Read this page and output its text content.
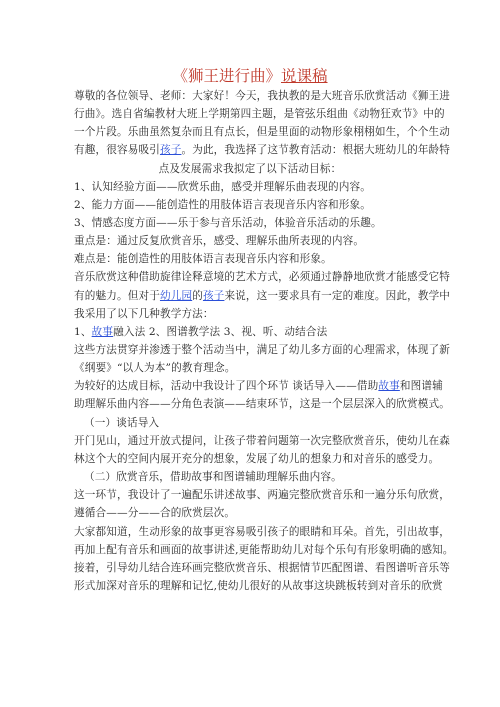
《狮王进行曲》说课稿
尊敬的各位领导、老师：大家好！今天，我执教的是大班音乐欣赏活动《狮王进
行曲》。选自省编教材大班上学期第四主题，是管弦乐组曲《动物狂欢节》中的
一个片段。乐曲虽然复杂而且有点长，但是里面的动物形象栩栩如生，个个生动
有趣，很容易吸引孩子。为此，我选择了这节教育活动：根据大班幼儿的年龄特
点及发展需求我拟定了以下活动目标：
1、认知经验方面——欣赏乐曲，感受并理解乐曲表现的内容。
2、能力方面——能创造性的用肢体语言表现音乐内容和形象。
3、情感态度方面——乐于参与音乐活动，体验音乐活动的乐趣。
重点是：通过反复欣赏音乐，感受、理解乐曲所表现的内容。
难点是：能创造性的用肢体语言表现音乐内容和形象。
音乐欣赏这种借助旋律诠释意境的艺术方式，必须通过静静地欣赏才能感受它特
有的魅力。但对于幼儿园的孩子来说，这一要求具有一定的难度。因此，教学中
我采用了以下几种教学方法：
1、故事融入法 2、图谱教学法 3、视、听、动结合法
这些方法贯穿并渗透于整个活动当中，满足了幼儿多方面的心理需求，体现了新
《纲要》“以人为本”的教育理念。
为较好的达成目标，活动中我设计了四个环节 谈话导入——借助故事和图谱辅
助理解乐曲内容——分角色表演——结束环节，这是一个层层深入的欣赏模式。
（一）谈话导入
开门见山，通过开放式提问，让孩子带着问题第一次完整欣赏音乐，使幼儿在森
林这个大的空间内展开充分的想象，发展了幼儿的想象力和对音乐的感受力。
（二）欣赏音乐，借助故事和图谱辅助理解乐曲内容。
这一环节，我设计了一遍配乐讲述故事、两遍完整欣赏音乐和一遍分乐句欣赏，
遵循合——分——合的欣赏层次。
大家都知道，生动形象的故事更容易吸引孩子的眼睛和耳朵。首先，引出故事，
再加上配有音乐和画面的故事讲述,更能帮助幼儿对每个乐句有形象明确的感知。
接着，引导幼儿结合连环画完整欣赏音乐、根据情节匹配图谱、看图谱听音乐等
形式加深对音乐的理解和记忆,使幼儿很好的从故事这块跳板转到对音乐的欣赏
